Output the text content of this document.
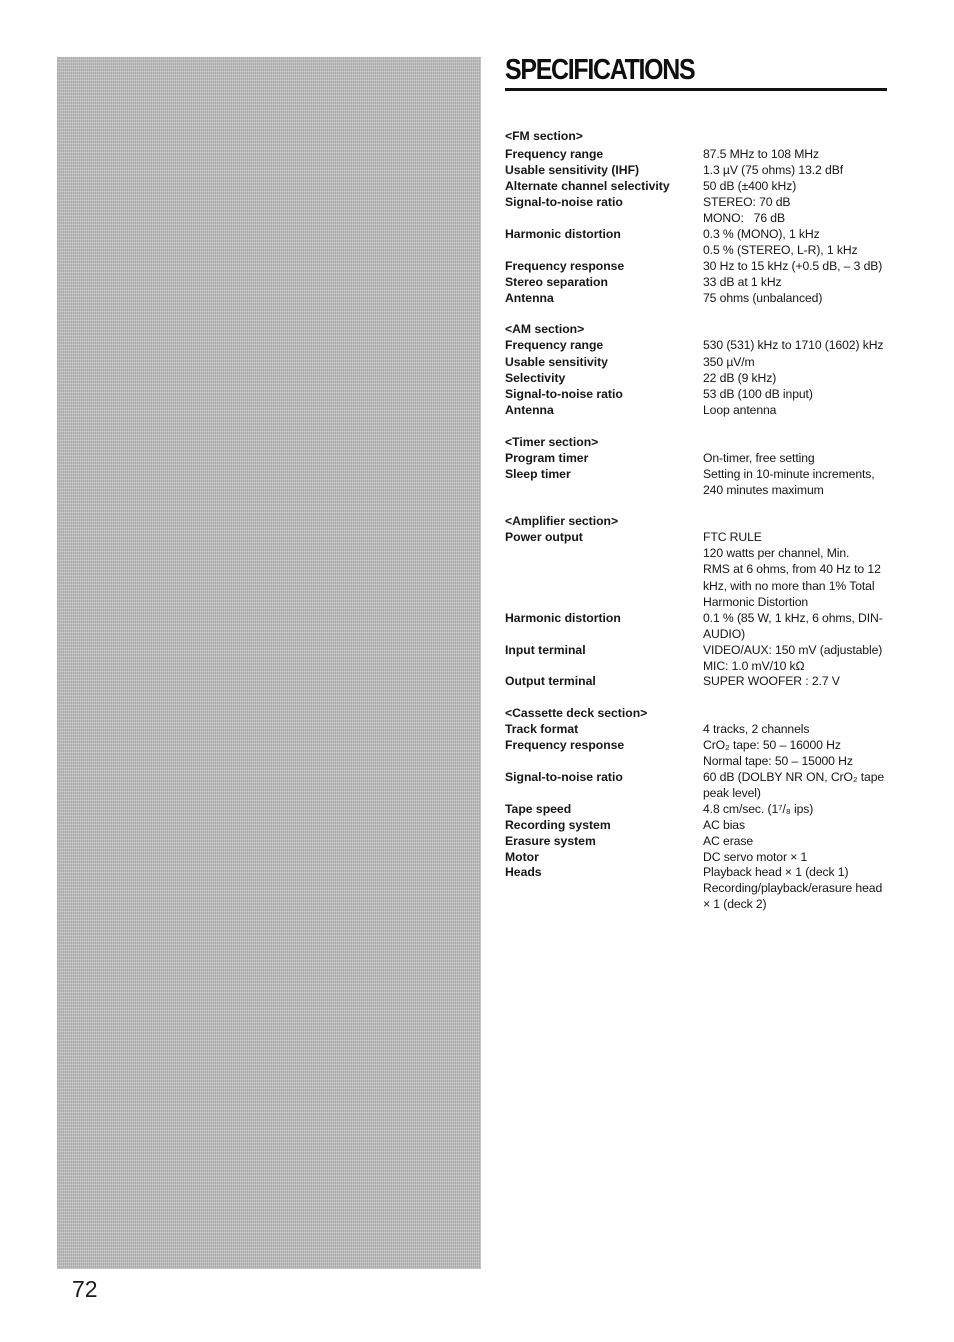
SPECIFICATIONS
<FM section>
Frequency range	87.5 MHz to 108 MHz
Usable sensitivity (IHF)	1.3 µV (75 ohms) 13.2 dBf
Alternate channel selectivity	50 dB (±400 kHz)
Signal-to-noise ratio	STEREO: 70 dB
MONO:   76 dB
Harmonic distortion	0.3 % (MONO), 1 kHz
0.5 % (STEREO, L-R), 1 kHz
Frequency response	30 Hz to 15 kHz (+0.5 dB, – 3 dB)
Stereo separation	33 dB at 1 kHz
Antenna	75 ohms (unbalanced)
<AM section>
Frequency range	530 (531) kHz to 1710 (1602) kHz
Usable sensitivity	350 µV/m
Selectivity	22 dB (9 kHz)
Signal-to-noise ratio	53 dB (100 dB input)
Antenna	Loop antenna
<Timer section>
Program timer	On-timer, free setting
Sleep timer	Setting in 10-minute increments,
240 minutes maximum
<Amplifier section>
Power output	FTC RULE
120 watts per channel, Min.
RMS at 6 ohms, from 40 Hz to 12
kHz, with no more than 1% Total
Harmonic Distortion
Harmonic distortion	0.1 % (85 W, 1 kHz, 6 ohms, DIN-
AUDIO)
Input terminal	VIDEO/AUX: 150 mV (adjustable)
MIC: 1.0 mV/10 kΩ
Output terminal	SUPER WOOFER : 2.7 V
<Cassette deck section>
Track format	4 tracks, 2 channels
Frequency response	CrO₂ tape: 50 – 16000 Hz
Normal tape: 50 – 15000 Hz
Signal-to-noise ratio	60 dB (DOLBY NR ON, CrO₂ tape
peak level)
Tape speed	4.8 cm/sec. (1⁷/₈ ips)
Recording system	AC bias
Erasure system	AC erase
Motor	DC servo motor × 1
Heads	Playback head × 1 (deck 1)
Recording/playback/erasure head
× 1 (deck 2)
72
